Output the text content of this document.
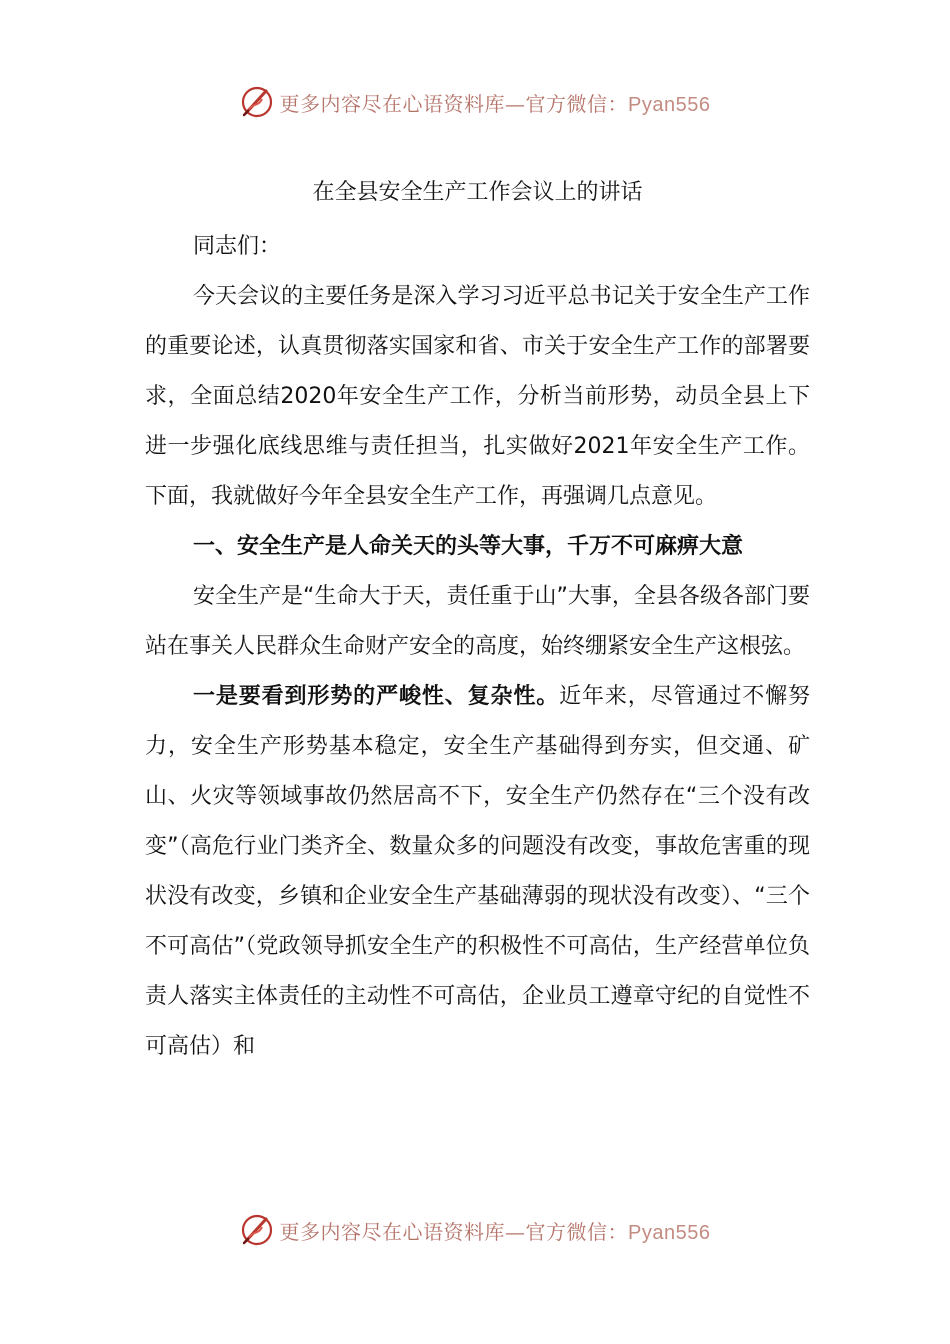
更多内容尽在心语资料库—官方微信：Pyan556
在全县安全生产工作会议上的讲话

同志们：

今天会议的主要任务是深入学习习近平总书记关于安全生产工作的重要论述，认真贯彻落实国家和省、市关于安全生产工作的部署要求，全面总结2020年安全生产工作，分析当前形势，动员全县上下进一步强化底线思维与责任担当，扎实做好2021年安全生产工作。下面，我就做好今年全县安全生产工作，再强调几点意见。

一、安全生产是人命关天的头等大事，千万不可麻痹大意

安全生产是“生命大于天，责任重于山”大事，全县各级各部门要站在事关人民群众生命财产安全的高度，始终绷紧安全生产这根弦。

一是要看到形势的严峻性、复杂性。近年来，尽管通过不懈努力，安全生产形势基本稳定，安全生产基础得到夯实，但交通、矿山、火灾等领域事故仍然居高不下，安全生产仍然存在“三个没有改变”（高危行业门类齐全、数量众多的问题没有改变，事故危害重的现状没有改变，乡镇和企业安全生产基础薄弱的现状没有改变）、“三个不可高估”（党政领导抓安全生产的积极性不可高估，生产经营单位负责人落实主体责任的主动性不可高估，企业员工遵章守纪的自觉性不可高估）和

更多内容尽在心语资料库—官方微信：Pyan556
